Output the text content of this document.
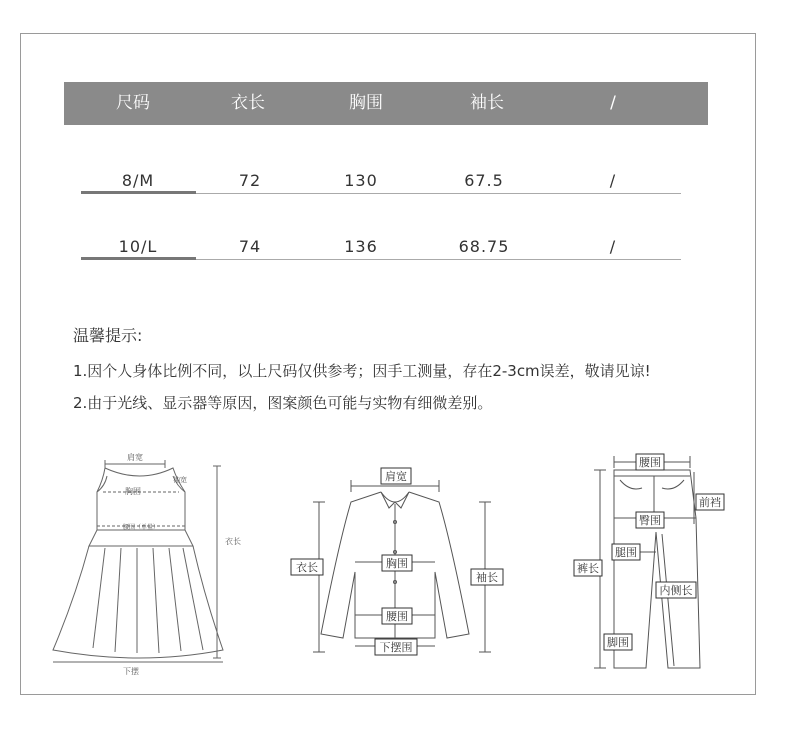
尺码	衣长	胸围	袖长	/
8/M	72	130	67.5	/
10/L	74	136	68.75	/
温馨提示:
1.因个人身体比例不同，以上尺码仅供参考；因手工测量，存在2-3cm误差，敬请见谅!
2.由于光线、显示器等原因，图案颜色可能与实物有细微差别。
肩宽
袖宽
胸围
腰围（单量）
衣长
下摆
肩宽
胸围
腰围
下摆围
衣长
袖长
腰围
前裆
臀围
腿围
裤长
内侧长
脚围
